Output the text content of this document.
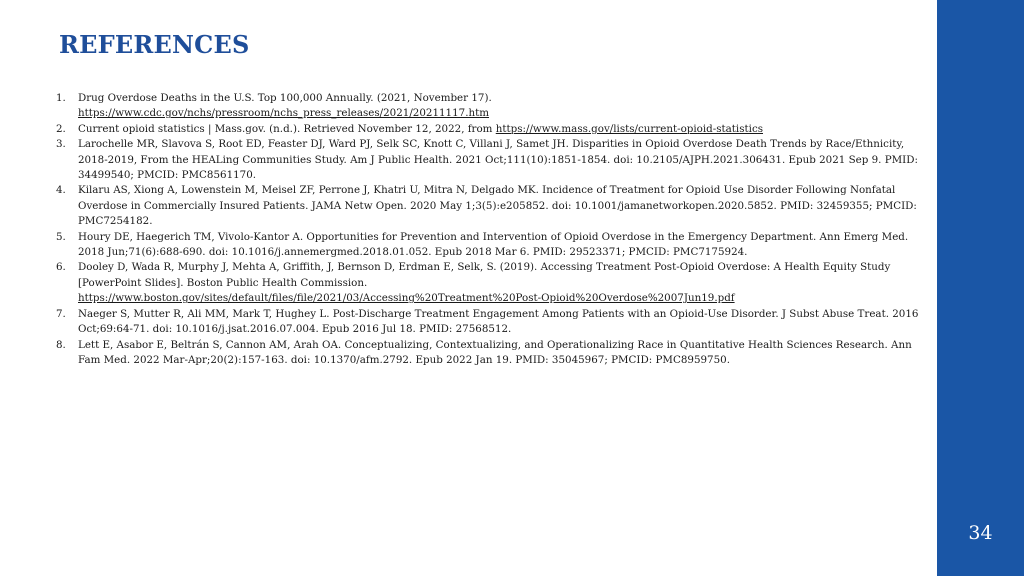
REFERENCES
1. Drug Overdose Deaths in the U.S. Top 100,000 Annually. (2021, November 17).
https://www.cdc.gov/nchs/pressroom/nchs_press_releases/2021/20211117.htm
2. Current opioid statistics | Mass.gov. (n.d.). Retrieved November 12, 2022, from https://www.mass.gov/lists/current-opioid-statistics
3. Larochelle MR, Slavova S, Root ED, Feaster DJ, Ward PJ, Selk SC, Knott C, Villani J, Samet JH. Disparities in Opioid Overdose Death Trends by Race/Ethnicity, 2018-2019, From the HEALing Communities Study. Am J Public Health. 2021 Oct;111(10):1851-1854. doi: 10.2105/AJPH.2021.306431. Epub 2021 Sep 9. PMID: 34499540; PMCID: PMC8561170.
4. Kilaru AS, Xiong A, Lowenstein M, Meisel ZF, Perrone J, Khatri U, Mitra N, Delgado MK. Incidence of Treatment for Opioid Use Disorder Following Nonfatal Overdose in Commercially Insured Patients. JAMA Netw Open. 2020 May 1;3(5):e205852. doi: 10.1001/jamanetworkopen.2020.5852. PMID: 32459355; PMCID: PMC7254182.
5. Houry DE, Haegerich TM, Vivolo-Kantor A. Opportunities for Prevention and Intervention of Opioid Overdose in the Emergency Department. Ann Emerg Med. 2018 Jun;71(6):688-690. doi: 10.1016/j.annemergmed.2018.01.052. Epub 2018 Mar 6. PMID: 29523371; PMCID: PMC7175924.
6. Dooley D, Wada R, Murphy J, Mehta A, Griffith, J, Bernson D, Erdman E, Selk, S. (2019). Accessing Treatment Post-Opioid Overdose: A Health Equity Study [PowerPoint Slides]. Boston Public Health Commission.
https://www.boston.gov/sites/default/files/file/2021/03/Accessing%20Treatment%20Post-Opioid%20Overdose%2007Jun19.pdf
7. Naeger S, Mutter R, Ali MM, Mark T, Hughey L. Post-Discharge Treatment Engagement Among Patients with an Opioid-Use Disorder. J Subst Abuse Treat. 2016 Oct;69:64-71. doi: 10.1016/j.jsat.2016.07.004. Epub 2016 Jul 18. PMID: 27568512.
8. Lett E, Asabor E, Beltrán S, Cannon AM, Arah OA. Conceptualizing, Contextualizing, and Operationalizing Race in Quantitative Health Sciences Research. Ann Fam Med. 2022 Mar-Apr;20(2):157-163. doi: 10.1370/afm.2792. Epub 2022 Jan 19. PMID: 35045967; PMCID: PMC8959750.
34
